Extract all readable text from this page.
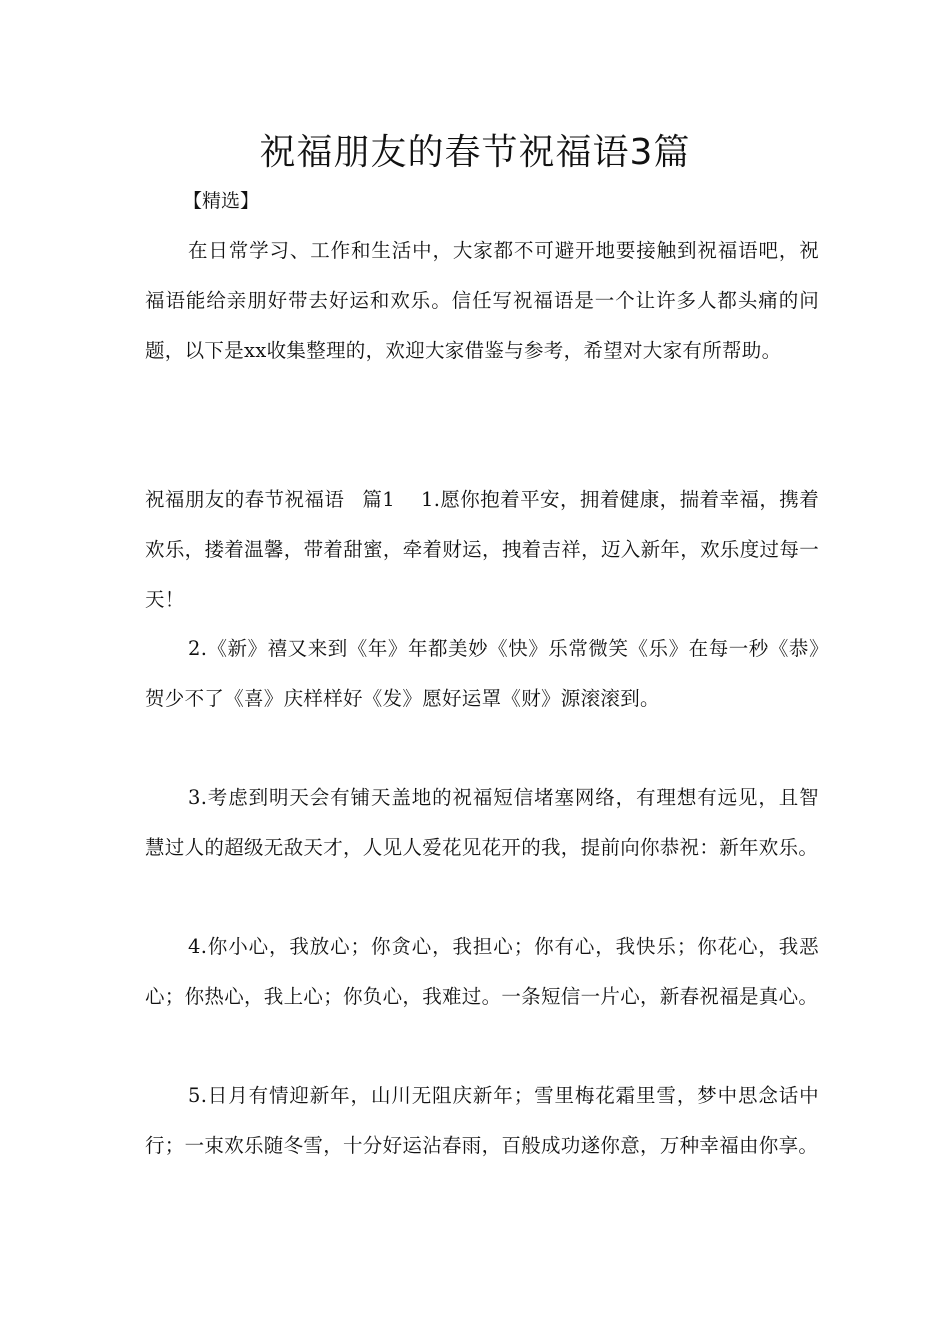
祝福朋友的春节祝福语3篇
【精选】
在日常学习、工作和生活中，大家都不可避开地要接触到祝福语吧，祝福语能给亲朋好带去好运和欢乐。信任写祝福语是一个让许多人都头痛的问题，以下是xx收集整理的，欢迎大家借鉴与参考，希望对大家有所帮助。
祝福朋友的春节祝福语 篇1 1.愿你抱着平安，拥着健康，揣着幸福，携着欢乐，搂着温馨，带着甜蜜，牵着财运，拽着吉祥，迈入新年，欢乐度过每一天！
2.《新》禧又来到《年》年都美妙《快》乐常微笑《乐》在每一秒《恭》贺少不了《喜》庆样样好《发》愿好运罩《财》源滚滚到。
3.考虑到明天会有铺天盖地的祝福短信堵塞网络，有理想有远见，且智慧过人的超级无敌天才，人见人爱花见花开的我，提前向你恭祝：新年欢乐。
4.你小心，我放心；你贪心，我担心；你有心，我快乐；你花心，我恶心；你热心，我上心；你负心，我难过。一条短信一片心，新春祝福是真心。
5.日月有情迎新年，山川无阻庆新年；雪里梅花霜里雪，梦中思念话中行；一束欢乐随冬雪，十分好运沾春雨，百般成功遂你意，万种幸福由你享。
